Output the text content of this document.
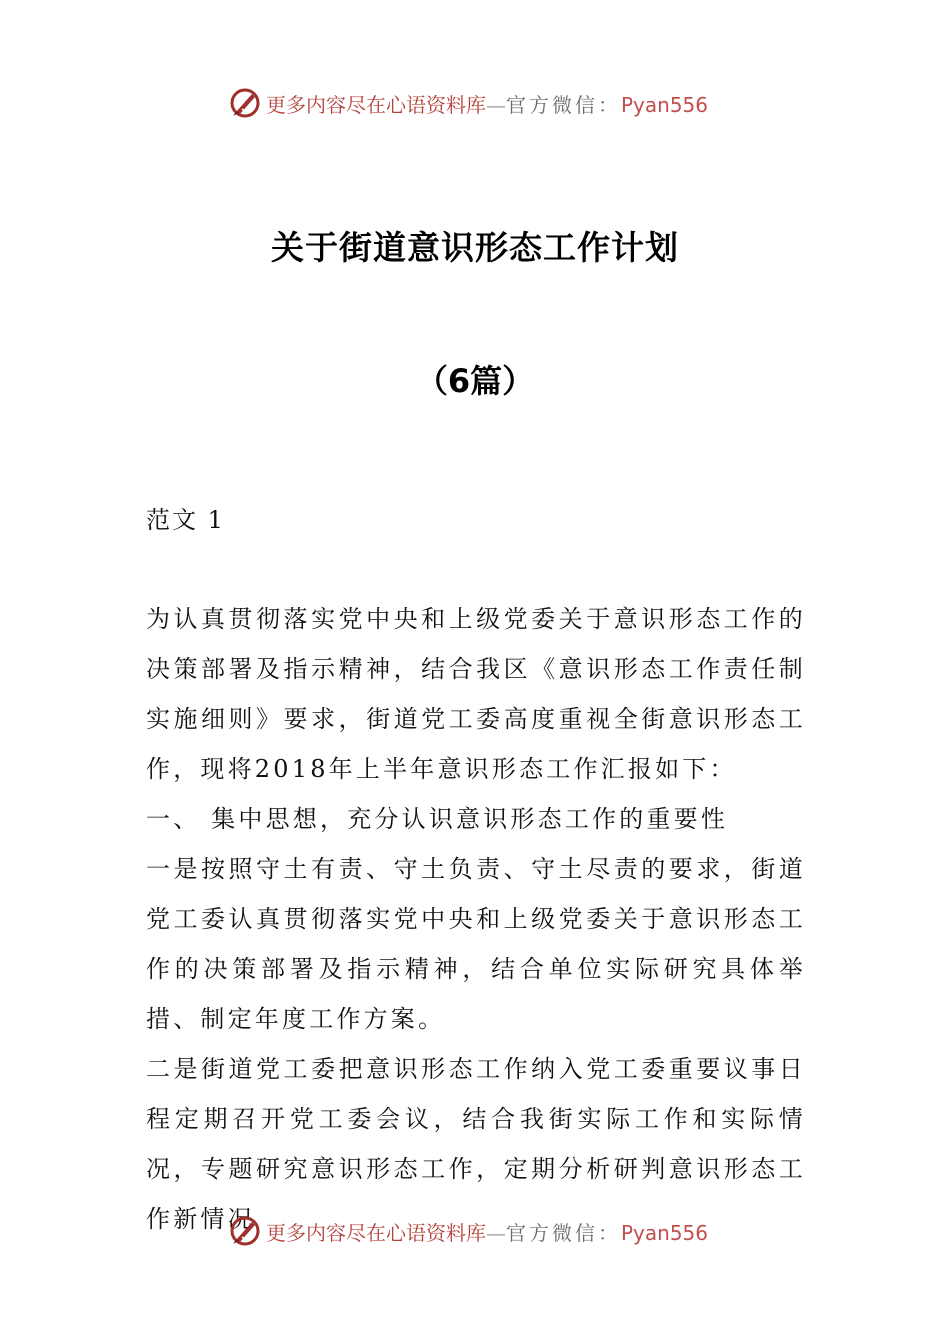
更多内容尽在心语资料库—官方微信：Pyan556
关于街道意识形态工作计划
（6篇）
范文 1

为认真贯彻落实党中央和上级党委关于意识形态工作的决策部署及指示精神，结合我区《意识形态工作责任制实施细则》要求，街道党工委高度重视全街意识形态工作，现将2018年上半年意识形态工作汇报如下：

一、 集中思想，充分认识意识形态工作的重要性

一是按照守土有责、守土负责、守土尽责的要求，街道党工委认真贯彻落实党中央和上级党委关于意识形态工作的决策部署及指示精神，结合单位实际研究具体举措、制定年度工作方案。

二是街道党工委把意识形态工作纳入党工委重要议事日程定期召开党工委会议，结合我街实际工作和实际情况，专题研究意识形态工作，定期分析研判意识形态工作新情况 更多内容尽在心语资料库—官方微信：Pyan556
